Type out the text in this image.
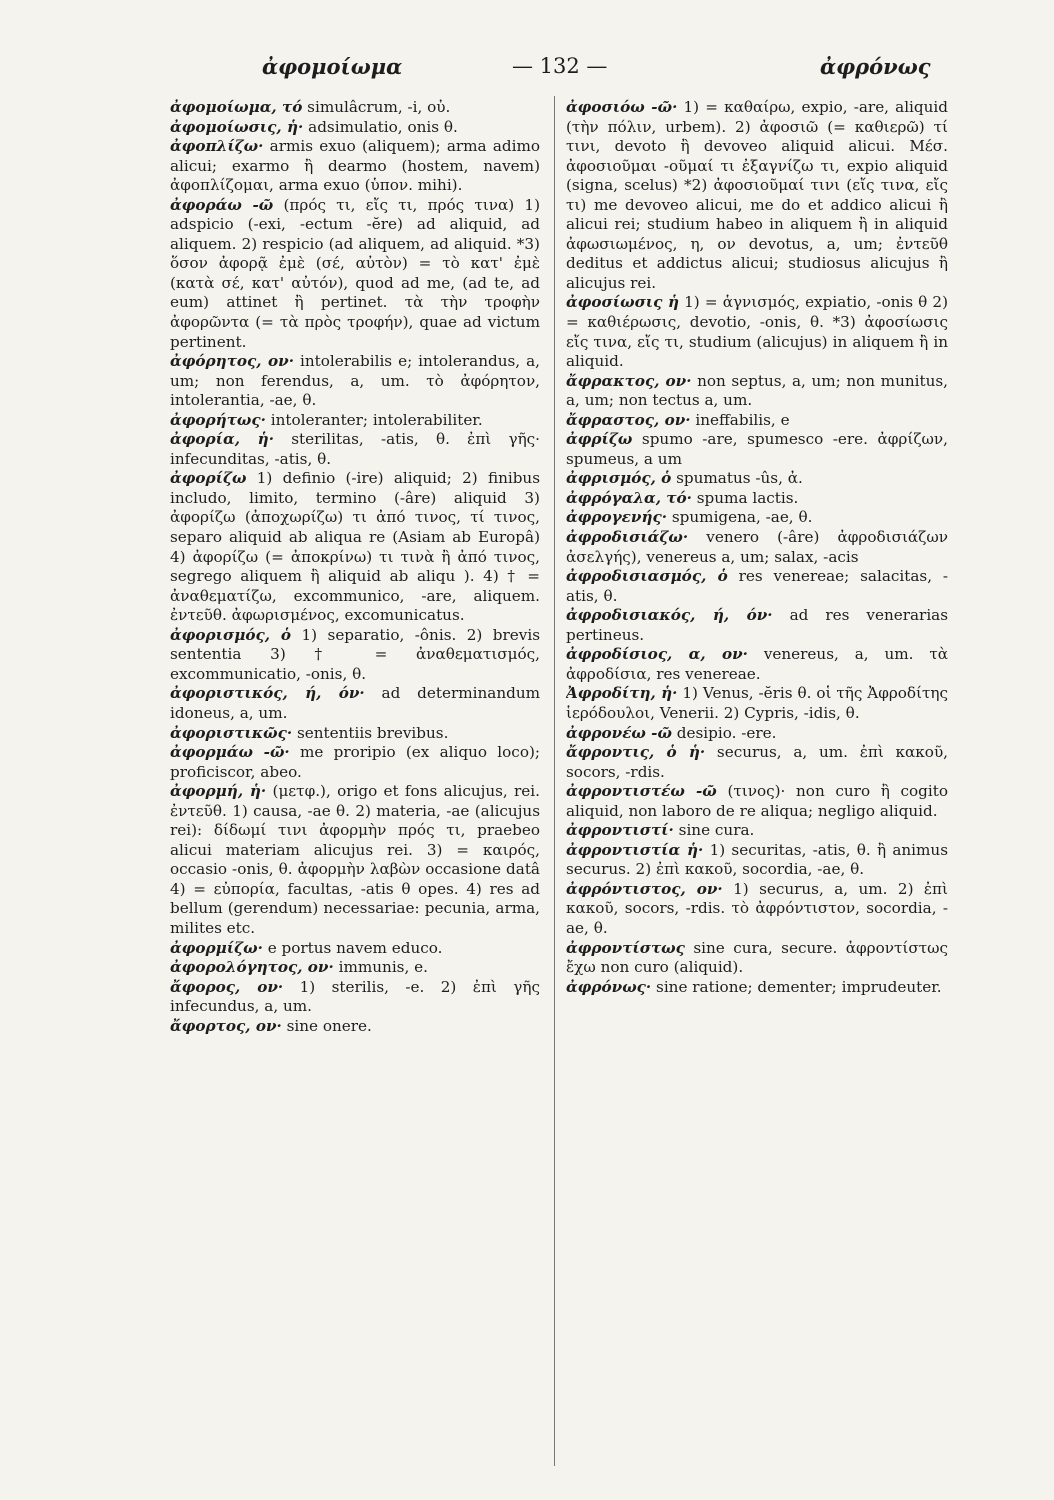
ἀφομοίωμα	— 132 —	ἀφρόνως

ἀφομοίωμα, τό simulâcrum, -i, οὐ.

ἀφομοίωσις, ἡ· adsimulatio, onis θ.

ἀφοπλίζω· armis exuo (aliquem); arma adimo alicui; exarmo ἢ dearmo (hostem, navem) ἀφοπλίζομαι, arma exuo (ὑπον. mihi).

ἀφοράω -ῶ (πρός τι, εἴς τι, πρός τινα) 1) adspicio (-exi, -ectum -ĕre) ad aliquid, ad aliquem. 2) respicio (ad aliquem, ad aliquid. *3) ὅσον ἀφορᾷ ἐμὲ (σέ, αὐτὸν) = τὸ κατ' ἐμὲ (κατὰ σέ, κατ' αὐτόν), quod ad me, (ad te, ad eum) attinet ἢ pertinet. τὰ τὴν τροφὴν ἀφορῶντα (= τὰ πρὸς τροφήν), quae ad victum pertinent.

ἀφόρητος, ον· intolerabilis e; intolerandus, a, um; non ferendus, a, um. τὸ ἀφόρητον, intolerantia, -ae, θ.

ἀφορήτως· intoleranter; intolerabiliter.

ἀφορία, ἡ· sterilitas, -atis, θ. ἐπὶ γῆς· infecunditas, -atis, θ.

ἀφορίζω 1) definio (-ire) aliquid; 2) finibus includo, limito, termino (-âre) aliquid 3) ἀφορίζω (ἀποχωρίζω) τι ἀπό τινος, τί τινος, separo aliquid ab aliqua re (Asiam ab Europâ) 4) ἀφορίζω (= ἀποκρίνω) τι τινὰ ἢ ἀπό τινος, segrego aliquem ἢ aliquid ab aliqu ). 4) † = ἀναθεματίζω, excommunico, -are, aliquem. ἐντεῦθ. ἀφωρισμένος, excomunicatus.

ἀφορισμός, ὁ 1) separatio, -ônis. 2) brevis sententia 3) † = ἀναθεματισμός, excommunicatio, -onis, θ.

ἀφοριστικός, ή, όν· ad determinandum idoneus, a, um.

ἀφοριστικῶς· sententiis brevibus.

ἀφορμάω -ῶ· me proripio (ex aliquo loco); proficiscor, abeo.

ἀφορμή, ἡ· (μετφ.), origo et fons alicujus, rei. ἐντεῦθ. 1) causa, -ae θ. 2) materia, -ae (alicujus rei): δίδωμί τινι ἀφορμὴν πρός τι, praebeo alicui materiam alicujus rei. 3) = καιρός, occasio -onis, θ. ἀφορμὴν λαβὼν occasione datâ 4) = εὐπορία, facultas, -atis θ opes. 4) res ad bellum (gerendum) necessariae: pecunia, arma, milites etc.

ἀφορμίζω· e portus navem educo.

ἀφορολόγητος, ον· immunis, e.

ἄφορος, ον· 1) sterilis, -e. 2) ἐπὶ γῆς infecundus, a, um.

ἄφορτος, ον· sine onere.

ἀφοσιόω -ῶ· 1) = καθαίρω, expio, -are, aliquid (τὴν πόλιν, urbem). 2) ἀφοσιῶ (= καθιερῶ) τί τινι, devoto ἢ devoveo aliquid alicui. Μέσ. ἀφοσιοῦμαι -οῦμαί τι ἐξαγνίζω τι, expio aliquid (signa, scelus) *2) ἀφοσιοῦμαί τινι (εἴς τινα, εἴς τι) me devoveo alicui, me do et addico alicui ἢ alicui rei; studium habeo in aliquem ἢ in aliquid ἀφωσιωμένος, η, ον devotus, a, um; ἐντεῦθ deditus et addictus alicui; studiosus alicujus ἢ alicujus rei.

ἀφοσίωσις ἡ 1) = ἁγνισμός, expiatio, -onis θ 2) = καθιέρωσις, devotio, -onis, θ. *3) ἀφοσίωσις εἴς τινα, εἴς τι, studium (alicujus) in aliquem ἢ in aliquid.

ἄφρακτος, ον· non septus, a, um; non munitus, a, um; non tectus a, um.

ἄφραστος, ον· ineffabilis, e

ἀφρίζω spumo -are, spumesco -ere. ἀφρίζων, spumeus, a um

ἀφρισμός, ὁ spumatus -ûs, ἀ.

ἀφρόγαλα, τό· spuma lactis.

ἀφρογενής· spumigena, -ae, θ.

ἀφροδισιάζω· venero (-âre) ἀφροδισιάζων ἀσελγής), venereus a, um; salax, -acis

ἀφροδισιασμός, ὁ res venereae; salacitas, -atis, θ.

ἀφροδισιακός, ή, όν· ad res venerarias pertineus.

ἀφροδίσιος, α, ον· venereus, a, um. τὰ ἀφροδίσια, res venereae.

Ἀφροδίτη, ἡ· 1) Venus, -ĕris θ. οἱ τῆς Ἀφροδίτης ἱερόδουλοι, Venerii. 2) Cypris, -idis, θ.

ἀφρονέω -ῶ desipio. -ere.

ἄφροντις, ὁ ἡ· securus, a, um. ἐπὶ κακοῦ, socors, -rdis.

ἀφροντιστέω -ῶ (τινος)· non curo ἢ cogito aliquid, non laboro de re aliqua; negligo aliquid.

ἀφροντιστί· sine cura.

ἀφροντιστία ἡ· 1) securitas, -atis, θ. ἢ animus securus. 2) ἐπὶ κακοῦ, socordia, -ae, θ.

ἀφρόντιστος, ον· 1) securus, a, um. 2) ἐπὶ κακοῦ, socors, -rdis. τὸ ἀφρόντιστον, socordia, -ae, θ.

ἀφροντίστως sine cura, secure. ἀφροντίστως ἔχω non curo (aliquid).

ἀφρόνως· sine ratione; dementer; imprudeuter.
